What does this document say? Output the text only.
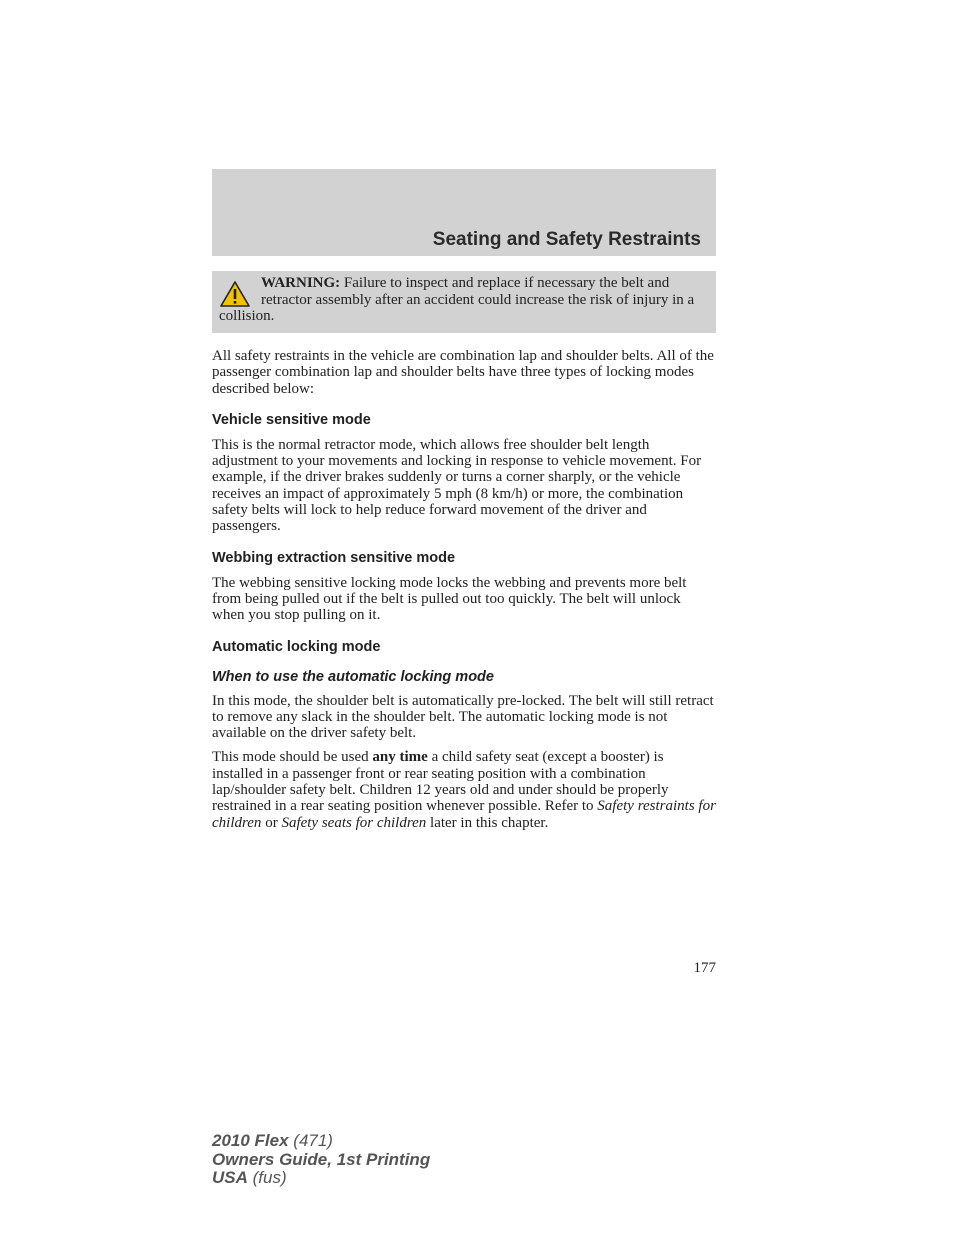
Seating and Safety Restraints
WARNING: Failure to inspect and replace if necessary the belt and retractor assembly after an accident could increase the risk of injury in a collision.

All safety restraints in the vehicle are combination lap and shoulder belts. All of the passenger combination lap and shoulder belts have three types of locking modes described below:

Vehicle sensitive mode

This is the normal retractor mode, which allows free shoulder belt length adjustment to your movements and locking in response to vehicle movement. For example, if the driver brakes suddenly or turns a corner sharply, or the vehicle receives an impact of approximately 5 mph (8 km/h) or more, the combination safety belts will lock to help reduce forward movement of the driver and passengers.

Webbing extraction sensitive mode

The webbing sensitive locking mode locks the webbing and prevents more belt from being pulled out if the belt is pulled out too quickly. The belt will unlock when you stop pulling on it.

Automatic locking mode
When to use the automatic locking mode

In this mode, the shoulder belt is automatically pre-locked. The belt will still retract to remove any slack in the shoulder belt. The automatic locking mode is not available on the driver safety belt.

This mode should be used any time a child safety seat (except a booster) is installed in a passenger front or rear seating position with a combination lap/shoulder safety belt. Children 12 years old and under should be properly restrained in a rear seating position whenever possible. Refer to Safety restraints for children or Safety seats for children later in this chapter.

177
2010 Flex (471)
Owners Guide, 1st Printing
USA (fus)
